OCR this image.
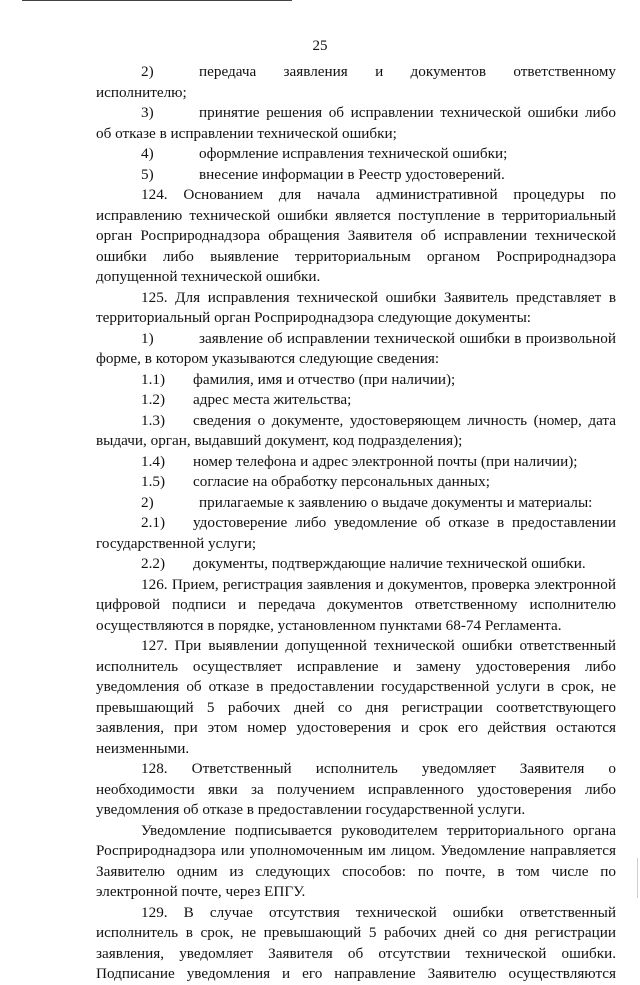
25

2)	передача заявления и документов ответственному исполнителю;

3)	принятие решения об исправлении технической ошибки либо об отказе в исправлении технической ошибки;

4)	оформление исправления технической ошибки;

5)	внесение информации в Реестр удостоверений.

124. Основанием для начала административной процедуры по исправлению технической ошибки является поступление в территориальный орган Росприроднадзора обращения Заявителя об исправлении технической ошибки либо выявление территориальным органом Росприроднадзора допущенной технической ошибки.

125. Для исправления технической ошибки Заявитель представляет в территориальный орган Росприроднадзора следующие документы:

1)	заявление об исправлении технической ошибки в произвольной форме, в котором указываются следующие сведения:

1.1) фамилия, имя и отчество (при наличии);

1.2) адрес места жительства;

1.3) сведения о документе, удостоверяющем личность (номер, дата выдачи, орган, выдавший документ, код подразделения);

1.4) номер телефона и адрес электронной почты (при наличии);

1.5) согласие на обработку персональных данных;

2)	прилагаемые к заявлению о выдаче документы и материалы:

2.1) удостоверение либо уведомление об отказе в предоставлении государственной услуги;

2.2) документы, подтверждающие наличие технической ошибки.

126. Прием, регистрация заявления и документов, проверка электронной цифровой подписи и передача документов ответственному исполнителю осуществляются в порядке, установленном пунктами 68-74 Регламента.

127. При выявлении допущенной технической ошибки ответственный исполнитель осуществляет исправление и замену удостоверения либо уведомления об отказе в предоставлении государственной услуги в срок, не превышающий 5 рабочих дней со дня регистрации соответствующего заявления, при этом номер удостоверения и срок его действия остаются неизменными.

128. Ответственный исполнитель уведомляет Заявителя о необходимости явки за получением исправленного удостоверения либо уведомления об отказе в предоставлении государственной услуги.

Уведомление подписывается руководителем территориального органа Росприроднадзора или уполномоченным им лицом. Уведомление направляется Заявителю одним из следующих способов: по почте, в том числе по электронной почте, через ЕПГУ.

129. В случае отсутствия технической ошибки ответственный исполнитель в срок, не превышающий 5 рабочих дней со дня регистрации заявления, уведомляет Заявителя об отсутствии технической ошибки. Подписание уведомления и его направление Заявителю осуществляются
